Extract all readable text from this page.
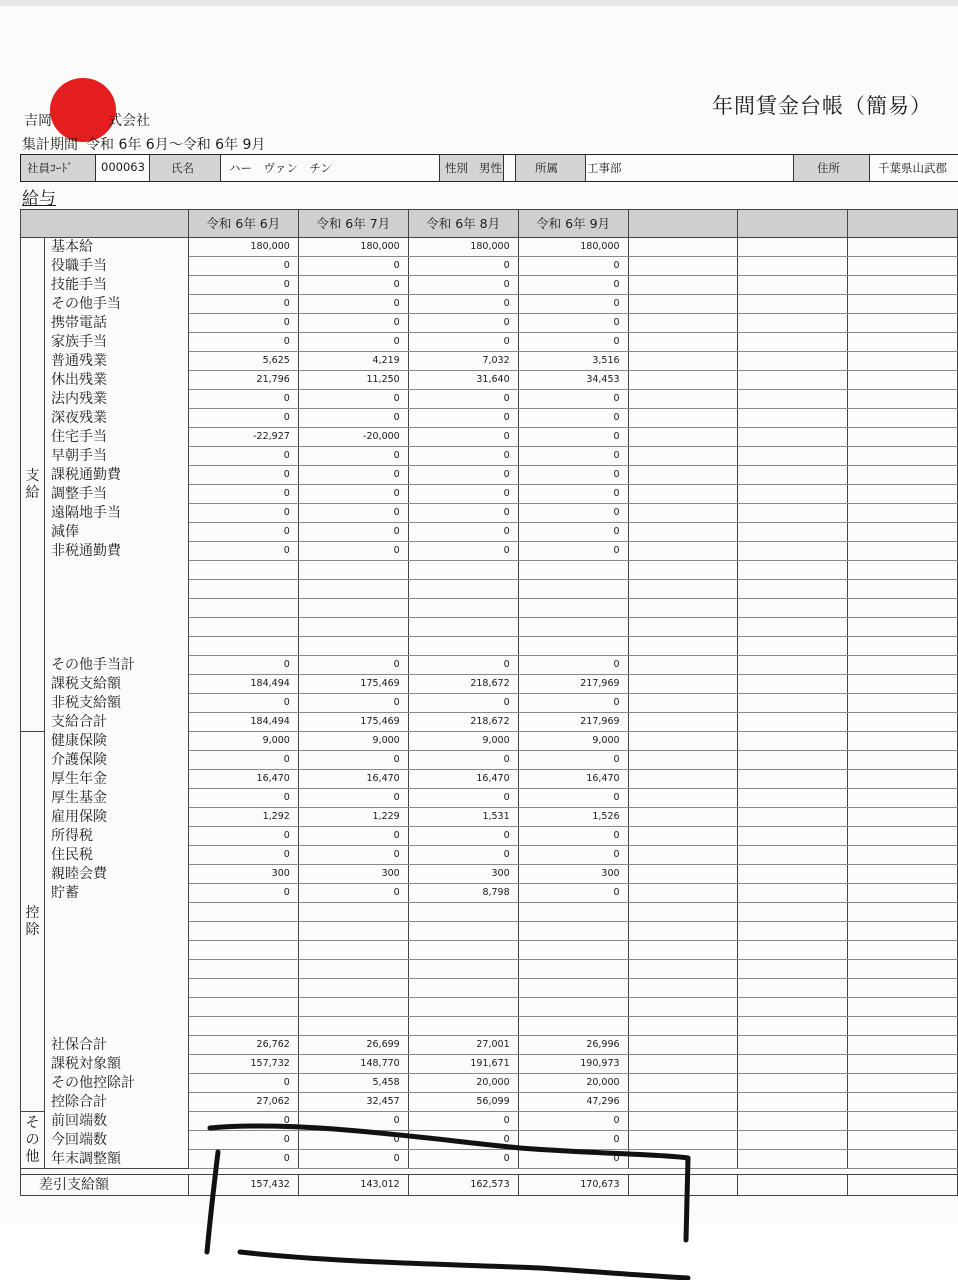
吉岡	式会社
年間賃金台帳（簡易）
集計期間 令和 6年 6月～令和 6年 9月
社員ｺｰﾄﾞ 000063 氏名	ハー　ヴァン　チン	性別 男性	所属	工事部	住所	千葉県山武郡
給与
		令和 6年 6月	令和 6年 7月	令和 6年 8月	令和 6年 9月			
支給	基本給	180,000	180,000	180,000	180,000			
	役職手当	0	0	0	0			
	技能手当	0	0	0	0			
	その他手当	0	0	0	0			
	携帯電話	0	0	0	0			
	家族手当	0	0	0	0			
	普通残業	5,625	4,219	7,032	3,516			
	休出残業	21,796	11,250	31,640	34,453			
	法内残業	0	0	0	0			
	深夜残業	0	0	0	0			
	住宅手当	-22,927	-20,000	0	0			
	早朝手当	0	0	0	0			
	課税通勤費	0	0	0	0			
	調整手当	0	0	0	0			
	遠隔地手当	0	0	0	0			
	減俸	0	0	0	0			
	非税通勤費	0	0	0	0			

	その他手当計	0	0	0	0			
	課税支給額	184,494	175,469	218,672	217,969			
	非税支給額	0	0	0	0			
	支給合計	184,494	175,469	218,672	217,969			
控除	健康保険	9,000	9,000	9,000	9,000			
	介護保険	0	0	0	0			
	厚生年金	16,470	16,470	16,470	16,470			
	厚生基金	0	0	0	0			
	雇用保険	1,292	1,229	1,531	1,526			
	所得税	0	0	0	0			
	住民税	0	0	0	0			
	親睦会費	300	300	300	300			
	貯蓄	0	0	8,798	0			

	社保合計	26,762	26,699	27,001	26,996			
	課税対象額	157,732	148,770	191,671	190,973			
	その他控除計	0	5,458	20,000	20,000			
	控除合計	27,062	32,457	56,099	47,296			
その他	前回端数	0	0	0	0			
	今回端数	0	0	0	0			
	年末調整額	0	0	0	0			

差引支給額		157,432	143,012	162,573	170,673			
